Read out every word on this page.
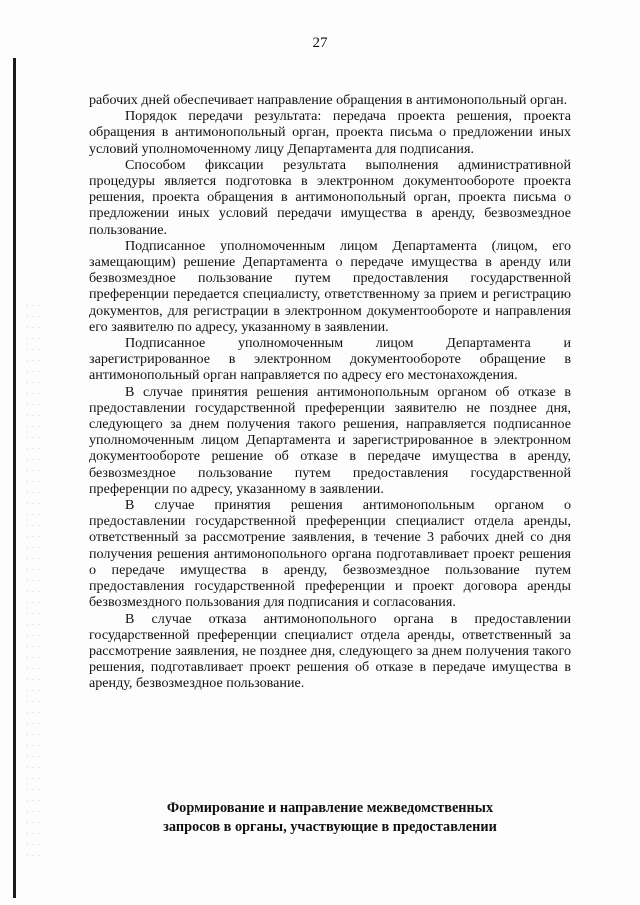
27

рабочих дней обеспечивает направление обращения в антимонопольный орган.

Порядок передачи результата: передача проекта решения, проекта обращения в антимонопольный орган, проекта письма о предложении иных условий уполномоченному лицу Департамента для подписания.

Способом фиксации результата выполнения административной процедуры является подготовка в электронном документообороте проекта решения, проекта обращения в антимонопольный орган, проекта письма о предложении иных условий передачи имущества в аренду, безвозмездное пользование.

Подписанное уполномоченным лицом Департамента (лицом, его замещающим) решение Департамента о передаче имущества в аренду или безвозмездное пользование путем предоставления государственной преференции передается специалисту, ответственному за прием и регистрацию документов, для регистрации в электронном документообороте и направления его заявителю по адресу, указанному в заявлении.

Подписанное уполномоченным лицом Департамента и зарегистрированное в электронном документообороте обращение в антимонопольный орган направляется по адресу его местонахождения.

В случае принятия решения антимонопольным органом об отказе в предоставлении государственной преференции заявителю не позднее дня, следующего за днем получения такого решения, направляется подписанное уполномоченным лицом Департамента и зарегистрированное в электронном документообороте решение об отказе в передаче имущества в аренду, безвозмездное пользование путем предоставления государственной преференции по адресу, указанному в заявлении.

В случае принятия решения антимонопольным органом о предоставлении государственной преференции специалист отдела аренды, ответственный за рассмотрение заявления, в течение 3 рабочих дней со дня получения решения антимонопольного органа подготавливает проект решения о передаче имущества в аренду, безвозмездное пользование путем предоставления государственной преференции и проект договора аренды безвозмездного пользования для подписания и согласования.

В случае отказа антимонопольного органа в предоставлении государственной преференции специалист отдела аренды, ответственный за рассмотрение заявления, не позднее дня, следующего за днем получения такого решения, подготавливает проект решения об отказе в передаче имущества в аренду, безвозмездное пользование.

Формирование и направление межведомственных
запросов в органы, участвующие в предоставлении
